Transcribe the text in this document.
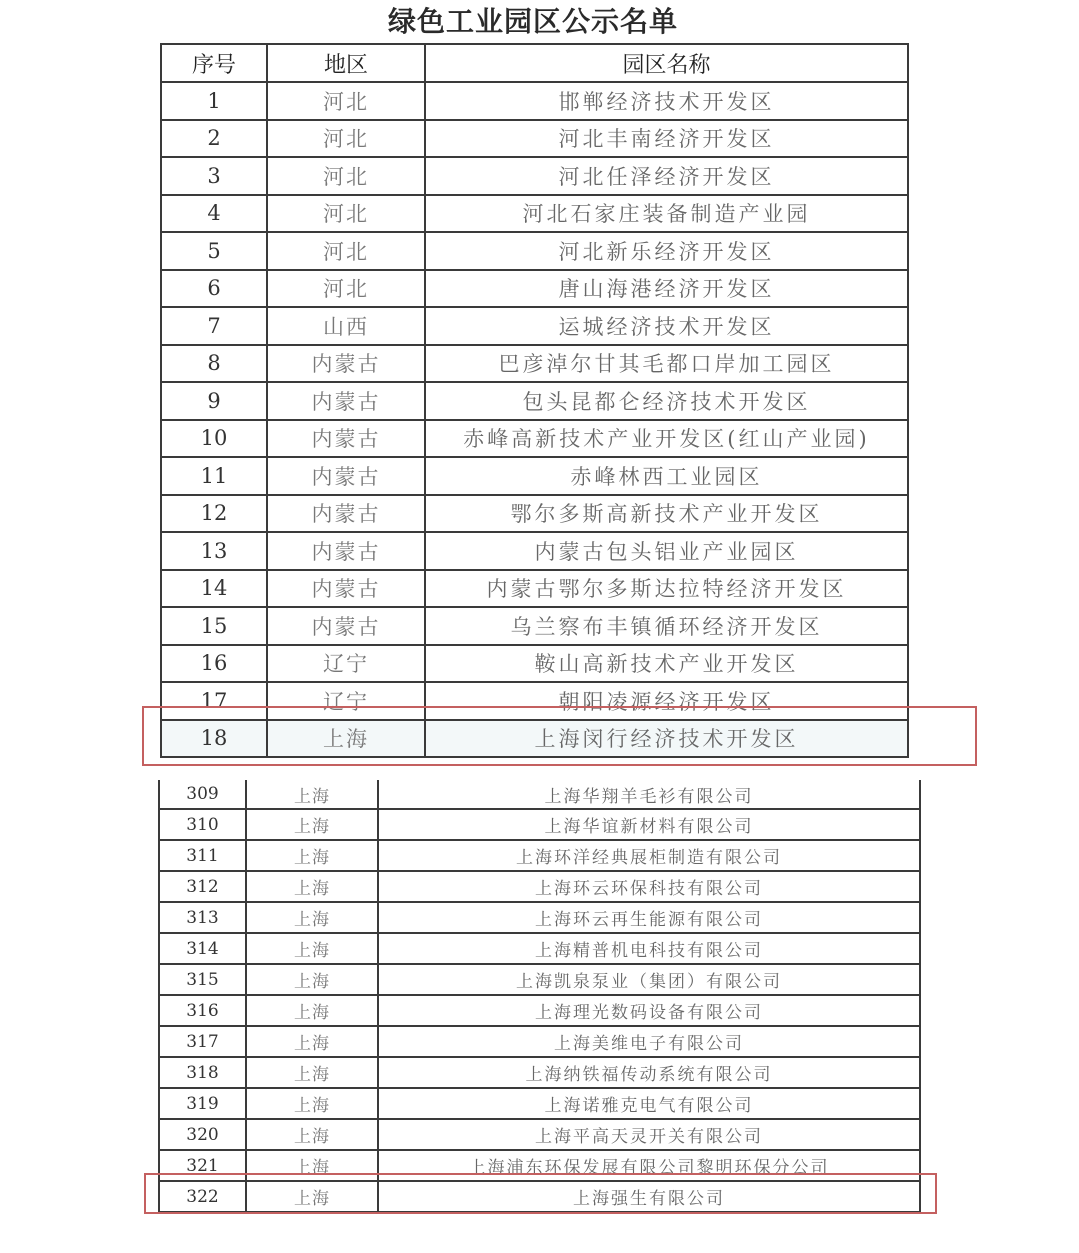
绿色工业园区公示名单
序号	地区	园区名称
1	河北	邯郸经济技术开发区
2	河北	河北丰南经济开发区
3	河北	河北任泽经济开发区
4	河北	河北石家庄装备制造产业园
5	河北	河北新乐经济开发区
6	河北	唐山海港经济开发区
7	山西	运城经济技术开发区
8	内蒙古	巴彦淖尔甘其毛都口岸加工园区
9	内蒙古	包头昆都仑经济技术开发区
10	内蒙古	赤峰高新技术产业开发区(红山产业园)
11	内蒙古	赤峰林西工业园区
12	内蒙古	鄂尔多斯高新技术产业开发区
13	内蒙古	内蒙古包头铝业产业园区
14	内蒙古	内蒙古鄂尔多斯达拉特经济开发区
15	内蒙古	乌兰察布丰镇循环经济开发区
16	辽宁	鞍山高新技术产业开发区
17	辽宁	朝阳凌源经济开发区
18	上海	上海闵行经济技术开发区
309	上海	上海华翔羊毛衫有限公司
310	上海	上海华谊新材料有限公司
311	上海	上海环洋经典展柜制造有限公司
312	上海	上海环云环保科技有限公司
313	上海	上海环云再生能源有限公司
314	上海	上海精普机电科技有限公司
315	上海	上海凯泉泵业（集团）有限公司
316	上海	上海理光数码设备有限公司
317	上海	上海美维电子有限公司
318	上海	上海纳铁福传动系统有限公司
319	上海	上海诺雅克电气有限公司
320	上海	上海平高天灵开关有限公司
321	上海	上海浦东环保发展有限公司黎明环保分公司
322	上海	上海强生有限公司
